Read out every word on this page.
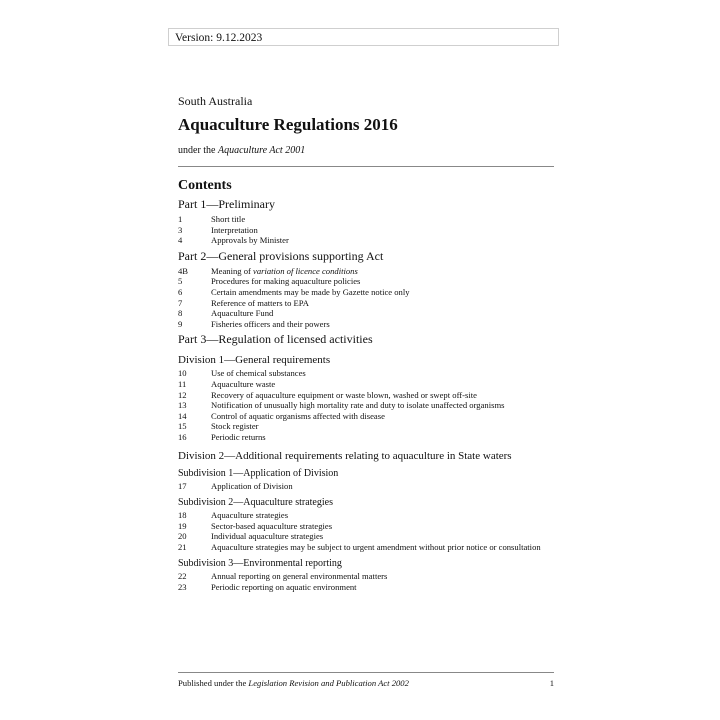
Version: 9.12.2023

South Australia

Aquaculture Regulations 2016

under the Aquaculture Act 2001

Contents
Part 1—Preliminary
1	Short title
3	Interpretation
4	Approvals by Minister
Part 2—General provisions supporting Act
4B	Meaning of variation of licence conditions
5	Procedures for making aquaculture policies
6	Certain amendments may be made by Gazette notice only
7	Reference of matters to EPA
8	Aquaculture Fund
9	Fisheries officers and their powers
Part 3—Regulation of licensed activities
Division 1—General requirements
10	Use of chemical substances
11	Aquaculture waste
12	Recovery of aquaculture equipment or waste blown, washed or swept off-site
13	Notification of unusually high mortality rate and duty to isolate unaffected organisms
14	Control of aquatic organisms affected with disease
15	Stock register
16	Periodic returns
Division 2—Additional requirements relating to aquaculture in State waters
Subdivision 1—Application of Division
17	Application of Division
Subdivision 2—Aquaculture strategies
18	Aquaculture strategies
19	Sector-based aquaculture strategies
20	Individual aquaculture strategies
21	Aquaculture strategies may be subject to urgent amendment without prior notice or consultation
Subdivision 3—Environmental reporting
22	Annual reporting on general environmental matters
23	Periodic reporting on aquatic environment
Published under the Legislation Revision and Publication Act 2002	1
